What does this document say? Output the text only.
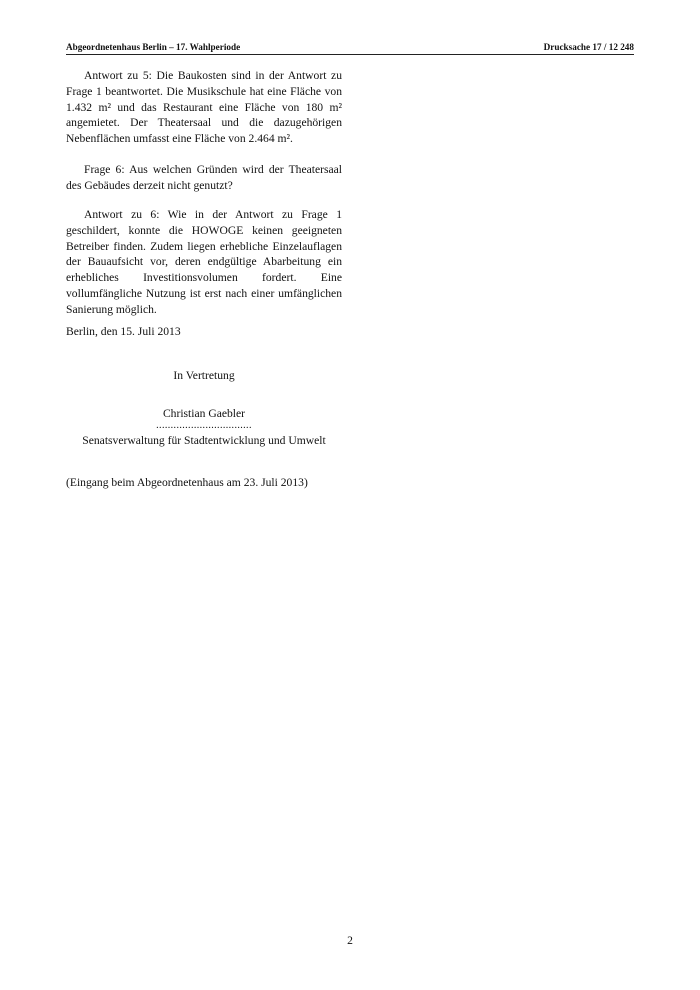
Abgeordnetenhaus Berlin – 17. Wahlperiode	Drucksache 17 / 12 248

Antwort zu 5: Die Baukosten sind in der Antwort zu Frage 1 beantwortet. Die Musikschule hat eine Fläche von 1.432 m² und das Restaurant eine Fläche von 180 m² angemietet. Der Theatersaal und die dazugehörigen Nebenflächen umfasst eine Fläche von 2.464 m².

Frage 6: Aus welchen Gründen wird der Theatersaal des Gebäudes derzeit nicht genutzt?

Antwort zu 6: Wie in der Antwort zu Frage 1 geschildert, konnte die HOWOGE keinen geeigneten Betreiber finden. Zudem liegen erhebliche Einzelauflagen der Bauaufsicht vor, deren endgültige Abarbeitung ein erhebliches Investitionsvolumen fordert. Eine vollumfängliche Nutzung ist erst nach einer umfänglichen Sanierung möglich.

Berlin, den 15. Juli 2013

In Vertretung
Christian Gaebler
.................................
Senatsverwaltung für Stadtentwicklung und Umwelt

(Eingang beim Abgeordnetenhaus am 23. Juli 2013)

2
